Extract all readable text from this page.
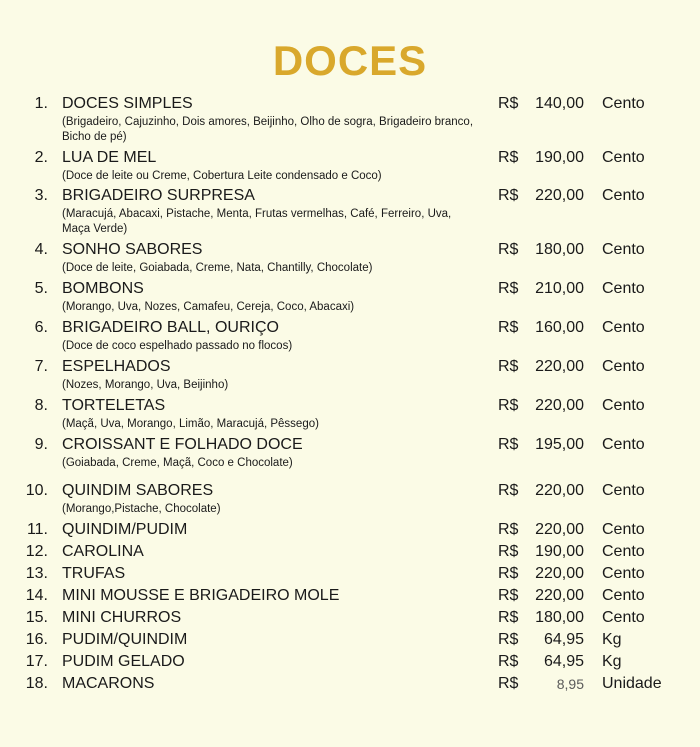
DOCES
1. DOCES SIMPLES	R$ 140,00 Cento
(Brigadeiro, Cajuzinho, Dois amores, Beijinho, Olho de sogra, Brigadeiro branco, Bicho de pé)
2. LUA DE MEL	R$ 190,00 Cento
(Doce de leite ou Creme, Cobertura Leite condensado e Coco)
3. BRIGADEIRO SURPRESA	R$ 220,00 Cento
(Maracujá, Abacaxi, Pistache, Menta, Frutas vermelhas, Café, Ferreiro, Uva, Maça Verde)
4. SONHO SABORES	R$ 180,00 Cento
(Doce de leite, Goiabada, Creme, Nata, Chantilly, Chocolate)
5. BOMBONS	R$ 210,00 Cento
(Morango, Uva, Nozes, Camafeu, Cereja, Coco, Abacaxi)
6. BRIGADEIRO BALL, OURIÇO	R$ 160,00 Cento
(Doce de coco espelhado passado no flocos)
7. ESPELHADOS	R$ 220,00 Cento
(Nozes, Morango, Uva, Beijinho)
8. TORTELETAS	R$ 220,00 Cento
(Maçã, Uva, Morango, Limão, Maracujá, Pêssego)
9. CROISSANT E FOLHADO DOCE	R$ 195,00 Cento
(Goiabada, Creme, Maçã, Coco e Chocolate)
10. QUINDIM SABORES	R$ 220,00 Cento
(Morango,Pistache, Chocolate)
11. QUINDIM/PUDIM	R$ 220,00 Cento
12. CAROLINA	R$ 190,00 Cento
13. TRUFAS	R$ 220,00 Cento
14. MINI MOUSSE E BRIGADEIRO MOLE	R$ 220,00 Cento
15. MINI CHURROS	R$ 180,00 Cento
16. PUDIM/QUINDIM	R$ 64,95 Kg
17. PUDIM GELADO	R$ 64,95 Kg
18. MACARONS	R$	8,95 Unidade
